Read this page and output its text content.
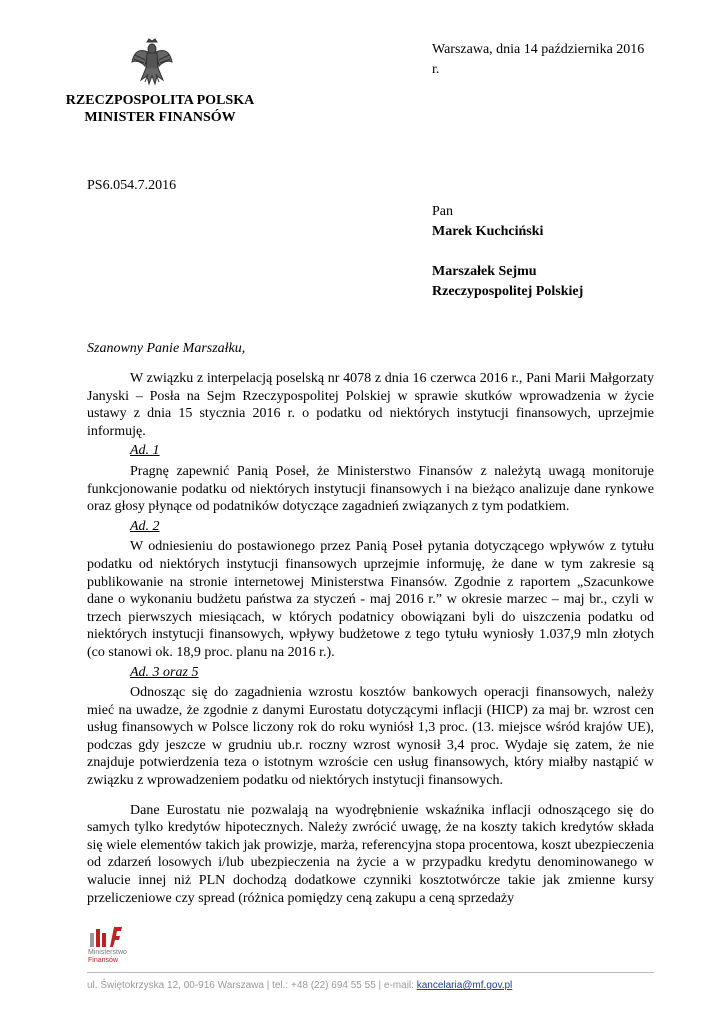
RZECZPOSPOLITA POLSKA
MINISTER FINANSÓW
Warszawa, dnia 14 października 2016
r.
PS6.054.7.2016
Pan
Marek Kuchciński
Marszałek Sejmu
Rzeczypospolitej Polskiej
Szanowny Panie Marszałku,

W związku z interpelacją poselską nr 4078 z dnia 16 czerwca 2016 r., Pani Marii Małgorzaty Janyski – Posła na Sejm Rzeczypospolitej Polskiej w sprawie skutków wprowadzenia w życie ustawy z dnia 15 stycznia 2016 r. o podatku od niektórych instytucji finansowych, uprzejmie informuję.

Ad. 1

Pragnę zapewnić Panią Poseł, że Ministerstwo Finansów z należytą uwagą monitoruje funkcjonowanie podatku od niektórych instytucji finansowych i na bieżąco analizuje dane rynkowe oraz głosy płynące od podatników dotyczące zagadnień związanych z tym podatkiem.

Ad. 2

W odniesieniu do postawionego przez Panią Poseł pytania dotyczącego wpływów z tytułu podatku od niektórych instytucji finansowych uprzejmie informuję, że dane w tym zakresie są publikowanie na stronie internetowej Ministerstwa Finansów. Zgodnie z raportem „Szacunkowe dane o wykonaniu budżetu państwa za styczeń - maj 2016 r.” w okresie marzec – maj br., czyli w trzech pierwszych miesiącach, w których podatnicy obowiązani byli do uiszczenia podatku od niektórych instytucji finansowych, wpływy budżetowe z tego tytułu wyniosły 1.037,9 mln złotych (co stanowi ok. 18,9 proc. planu na 2016 r.).

Ad. 3 oraz 5

Odnosząc się do zagadnienia wzrostu kosztów bankowych operacji finansowych, należy mieć na uwadze, że zgodnie z danymi Eurostatu dotyczącymi inflacji (HICP) za maj br. wzrost cen usług finansowych w Polsce liczony rok do roku wyniósł 1,3 proc. (13. miejsce wśród krajów UE), podczas gdy jeszcze w grudniu ub.r. roczny wzrost wynosił 3,4 proc. Wydaje się zatem, że nie znajduje potwierdzenia teza o istotnym wzroście cen usług finansowych, który miałby nastąpić w związku z wprowadzeniem podatku od niektórych instytucji finansowych.

Dane Eurostatu nie pozwalają na wyodrębnienie wskaźnika inflacji odnoszącego się do samych tylko kredytów hipotecznych. Należy zwrócić uwagę, że na koszty takich kredytów składa się wiele elementów takich jak prowizje, marża, referencyjna stopa procentowa, koszt ubezpieczenia od zdarzeń losowych i/lub ubezpieczenia na życie a w przypadku kredytu denominowanego w walucie innej niż PLN dochodzą dodatkowe czynniki kosztotwórcze takie jak zmienne kursy przeliczeniowe czy spread (różnica pomiędzy ceną zakupu a ceną sprzedaży

Ministerstwo
Finansów
ul. Świętokrzyska 12, 00-916 Warszawa | tel.: +48 (22) 694 55 55 | e-mail: kancelaria@mf.gov.pl
